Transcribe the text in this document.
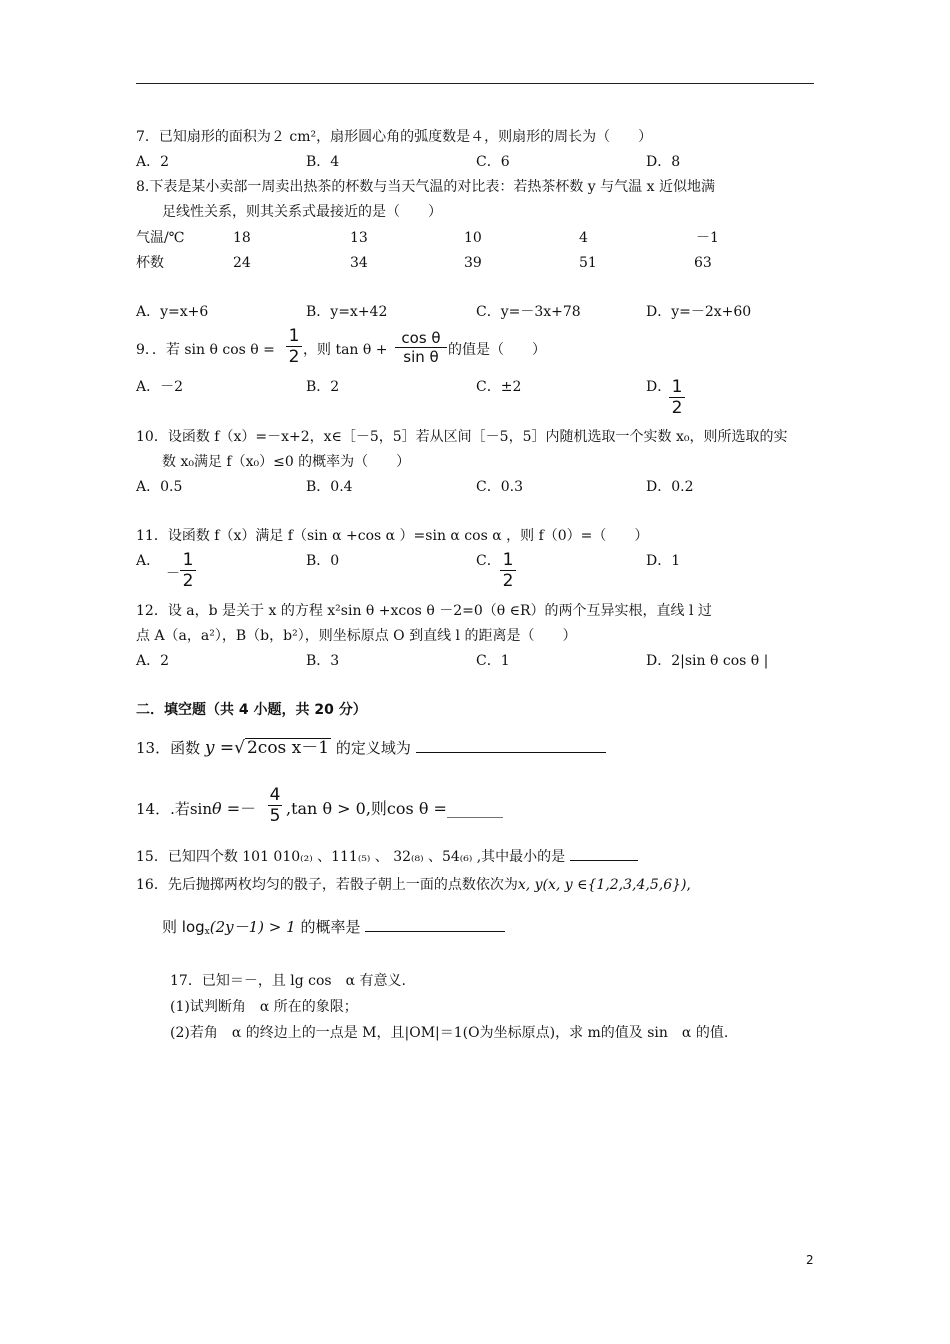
7．已知扇形的面积为２ cm²，扇形圆心角的弧度数是４，则扇形的周长为（　　）
A．2	B．4	C．6	D．8
8.下表是某小卖部一周卖出热茶的杯数与当天气温的对比表：若热茶杯数 y 与气温 x 近似地满
足线性关系，则其关系式最接近的是（　　）
气温/℃	18	13	10	4	－1
杯数	24	34	39	51	63
A．y=x+6	B．y=x+42	C．y=－3x+78	D．y=－2x+60
9．．若 sin θ cos θ =
1
2 ，则 tan θ +
cos θ
sin θ 的值是（　　）
A．－2	B．2	C．±2	D． 1
2
10．设函数 f（x）=－x+2，x∈［－5，5］若从区间［－5，5］内随机选取一个实数 x₀，则所选取的实
数 x₀满足 f（x₀）≤0 的概率为（　　）
A．0.5	B．0.4	C．0.3	D．0.2
11．设函数 f（x）满足 f（sin α +cos α ）=sin α cos α ，则 f（0）=（　　）
A．
－
1
2
B．0	C． 1
2
D．1
12．设 a，b 是关于 x 的方程 x²sin θ +xcos θ －2=0（θ ∈R）的两个互异实根，直线 l 过
点 A（a，a²），B（b，b²），则坐标原点 O 到直线 l 的距离是（　　）
A．2	B．3	C．1	D．2|sin θ cos θ |
二．填空题（共 4 小题，共 20 分）
13．函数 y =√ 2cos x－1 的定义域为
14．.若sinθ =－
4
5 ,tan θ > 0,则cos θ =_______
15．已知四个数 101 010₍₂₎ 、111₍₅₎ 、 32₍₈₎ 、54₍₆₎ ,其中最小的是
16．先后抛掷两枚均匀的骰子，若骰子朝上一面的点数依次为x, y(x, y ∈{1,2,3,4,5,6}),
则 $\log_x(2y-1) > 1$ 的概率是
17．已知＝－，且 lg cos　α 有意义.
(1)试判断角　α 所在的象限；
(2)若角　α 的终边上的一点是 M，且|OM|＝1(O为坐标原点)，求 m的值及 sin　α 的值.
2
